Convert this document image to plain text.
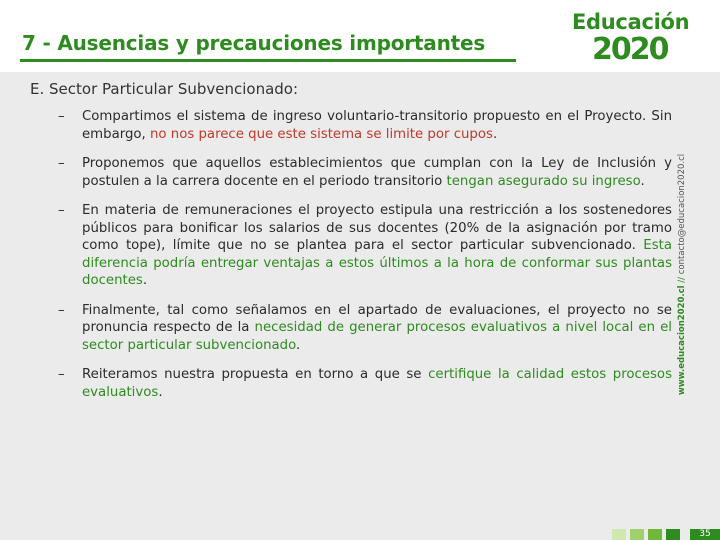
7 - Ausencias y precauciones importantes
Educación
2020
E. Sector Particular Subvencionado:
– Compartimos el sistema de ingreso voluntario-transitorio propuesto en el Proyecto. Sin embargo, no nos parece que este sistema se limite por cupos.
– Proponemos que aquellos establecimientos que cumplan con la Ley de Inclusión y postulen a la carrera docente en el periodo transitorio tengan asegurado su ingreso.
– En materia de remuneraciones el proyecto estipula una restricción a los sostenedores públicos para bonificar los salarios de sus docentes (20% de la asignación por tramo como tope), límite que no se plantea para el sector particular subvencionado. Esta diferencia podría entregar ventajas a estos últimos a la hora de conformar sus plantas docentes.
– Finalmente, tal como señalamos en el apartado de evaluaciones, el proyecto no se pronuncia respecto de la necesidad de generar procesos evaluativos a nivel local en el sector particular subvencionado.
– Reiteramos nuestra propuesta en torno a que se certifique la calidad estos procesos evaluativos.	www.educacion2020.cl // contacto@educacion2020.cl
35
